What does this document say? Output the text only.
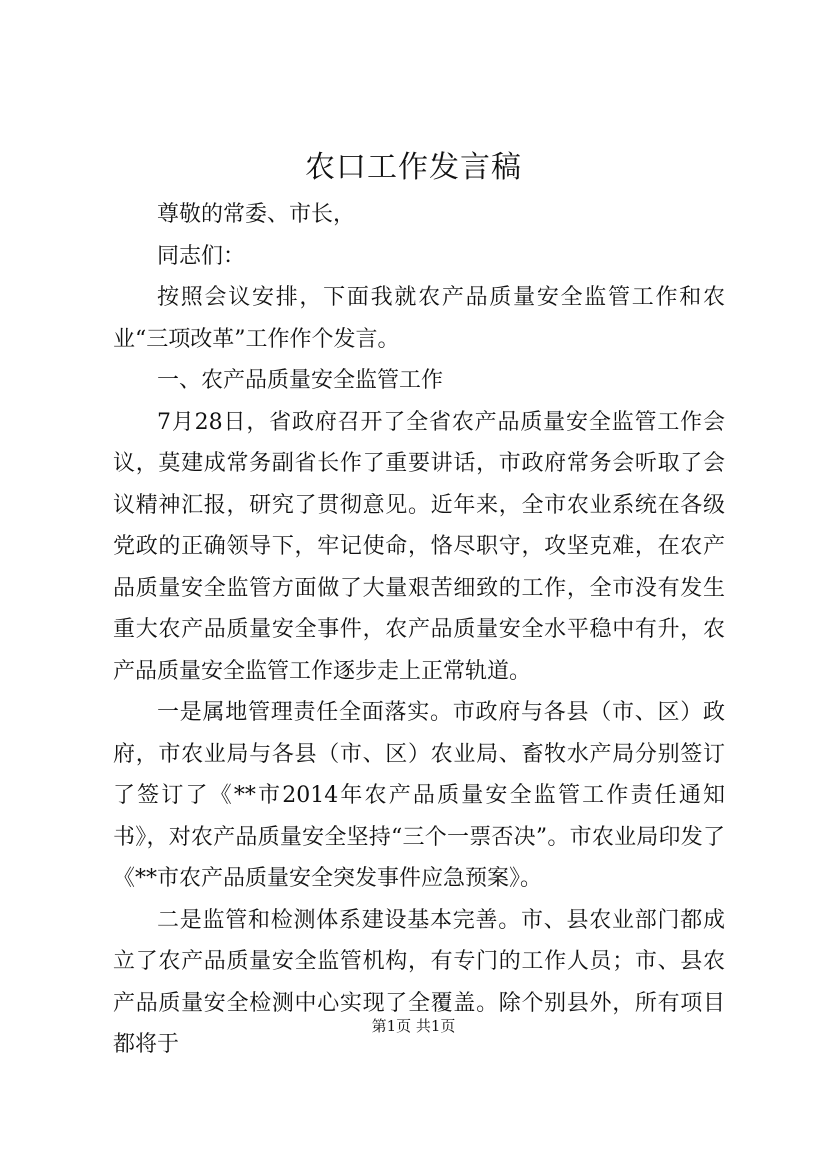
农口工作发言稿

尊敬的常委、市长，

同志们：

按照会议安排，下面我就农产品质量安全监管工作和农业“三项改革”工作作个发言。

一、农产品质量安全监管工作

7月28日，省政府召开了全省农产品质量安全监管工作会议，莫建成常务副省长作了重要讲话，市政府常务会听取了会议精神汇报，研究了贯彻意见。近年来，全市农业系统在各级党政的正确领导下，牢记使命，恪尽职守，攻坚克难，在农产品质量安全监管方面做了大量艰苦细致的工作，全市没有发生重大农产品质量安全事件，农产品质量安全水平稳中有升，农产品质量安全监管工作逐步走上正常轨道。

一是属地管理责任全面落实。市政府与各县（市、区）政府，市农业局与各县（市、区）农业局、畜牧水产局分别签订了签订了《**市2014年农产品质量安全监管工作责任通知书》，对农产品质量安全坚持“三个一票否决”。市农业局印发了《**市农产品质量安全突发事件应急预案》。

二是监管和检测体系建设基本完善。市、县农业部门都成立了农产品质量安全监管机构，有专门的工作人员；市、县农产品质量安全检测中心实现了全覆盖。除个别县外，所有项目都将于

第1页 共1页
